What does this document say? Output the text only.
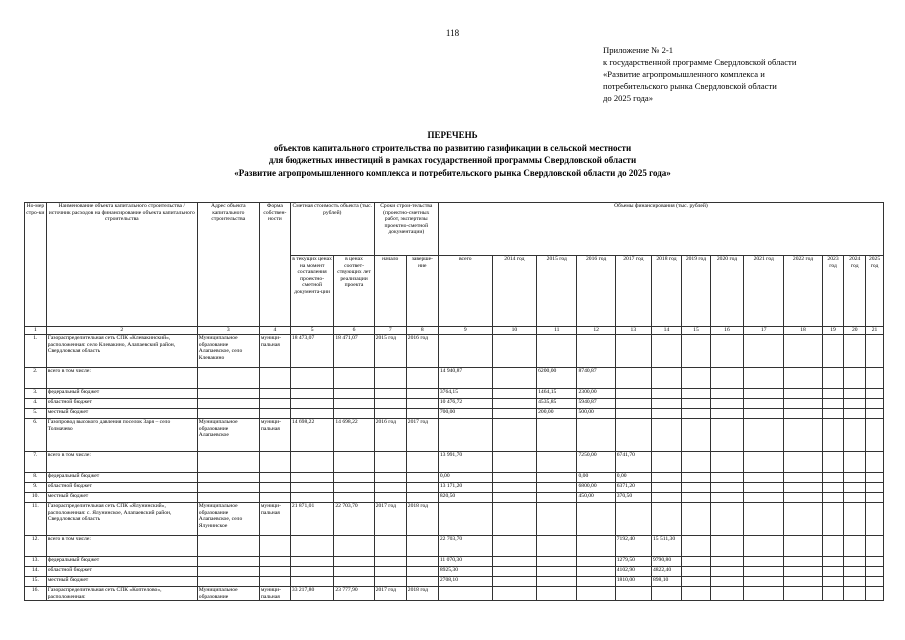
118
Приложение № 2-1
к государственной программе Свердловской области
«Развитие агропромышленного комплекса и
потребительского рынка Свердловской области
до 2025 года»
ПЕРЕЧЕНЬ
объектов капитального строительства по развитию газификации в сельской местности
для бюджетных инвестиций в рамках государственной программы Свердловской области
«Развитие агропромышленного комплекса и потребительского рынка Свердловской области до 2025 года»
Но-мер стро-ки	Наименование объекта капитального строительства / источник расходов на финансирование объекта капитального строительства	Адрес объекта капитального строительства	Форма собствен-ности	Сметная стоимость объекта (тыс. рублей)		Сроки строи-тельства (проектно-сметных работ, экспертизы проектно-сметной документации)		Объемы финансирования (тыс. рублей)												
				в текущих ценах на момент составления проектно-сметной документа-ции	в ценах соответ-ствующих лет реализации проекта	начало	заверше-ние	всего	2014 год	2015 год	2016 год	2017 год	2018 год	2019 год	2020 год	2021 год	2022 год	2023 год	2024 год	2025 год
1	2	3	4	5	6	7	8	9	10	11	12	13	14	15	16	17	18	19	20	21
1.	Газораспределительная сеть СПК «Клевакинский», расположенная: село Клевакино, Алапаевский район, Свердловская область	Муниципальное образование Алапаевское, село Клевакино	муници-пальная	18 473,07	18 471,07	2015 год	2016 год													
2.	всего в том числе:							14 940,87		6200,00	8740,87									
3.	федеральный бюджет							3764,15		1464,15	2300,00									
4.	областной бюджет							10 476,72		4535,85	5940,87									
5.	местный бюджет							700,00		200,00	500,00									
6.	Газопровод высокого давления поселок Заря – село Толмачево	Муниципальное образование Алапаевское	муници-пальная	14 698,22	14 698,22	2016 год	2017 год													
7.	всего в том числе:							13 991,70			7250,00	6741,70								
8.	федеральный бюджет							0,00			0,00	0,00								
9.	областной бюджет							13 171,20			6800,00	6371,20								
10.	местный бюджет							820,50			450,00	370,50								
11.	Газораспределительная сеть СПК «Ялунинский», расположенная: с. Ялунинское, Алапаевский район, Свердловская область	Муниципальное образование Алапаевское, село Ялунинское	муници-пальная	21 871,01	22 703,70	2017 год	2018 год													
12.	всего в том числе:							22 703,70				7192,40	15 511,30							
13.	федеральный бюджет							11 070,30				1279,50	9790,80							
14.	областной бюджет							8925,30				4102,90	4822,40							
15.	местный бюджет							2708,10				1810,00	898,10							
16.	Газораспределительная сеть СПК «Коптелово», расположенная:	Муниципальное образование	муници-пальная	33 217,80	23 777,90	2017 год	2018 год													
